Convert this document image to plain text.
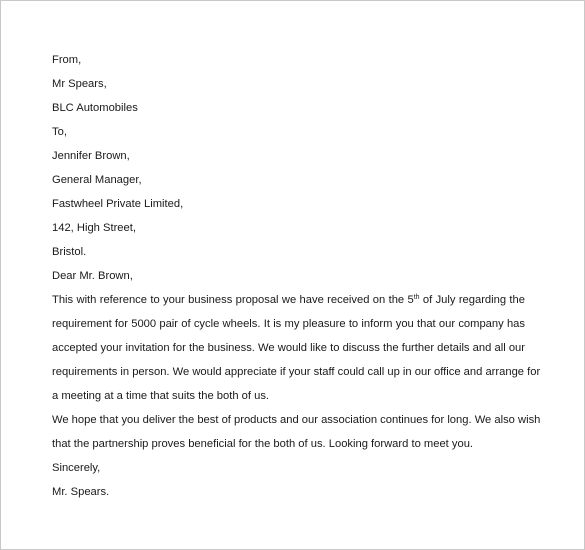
From,
Mr Spears,
BLC Automobiles
To,
Jennifer Brown,
General Manager,
Fastwheel Private Limited,
142, High Street,
Bristol.
Dear Mr. Brown,
This with reference to your business proposal we have received on the 5th of July regarding the
requirement for 5000 pair of cycle wheels. It is my pleasure to inform you that our company has
accepted your invitation for the business. We would like to discuss the further details and all our
requirements in person. We would appreciate if your staff could call up in our office and arrange for
a meeting at a time that suits the both of us.
We hope that you deliver the best of products and our association continues for long. We also wish
that the partnership proves beneficial for the both of us. Looking forward to meet you.
Sincerely,
Mr. Spears.
